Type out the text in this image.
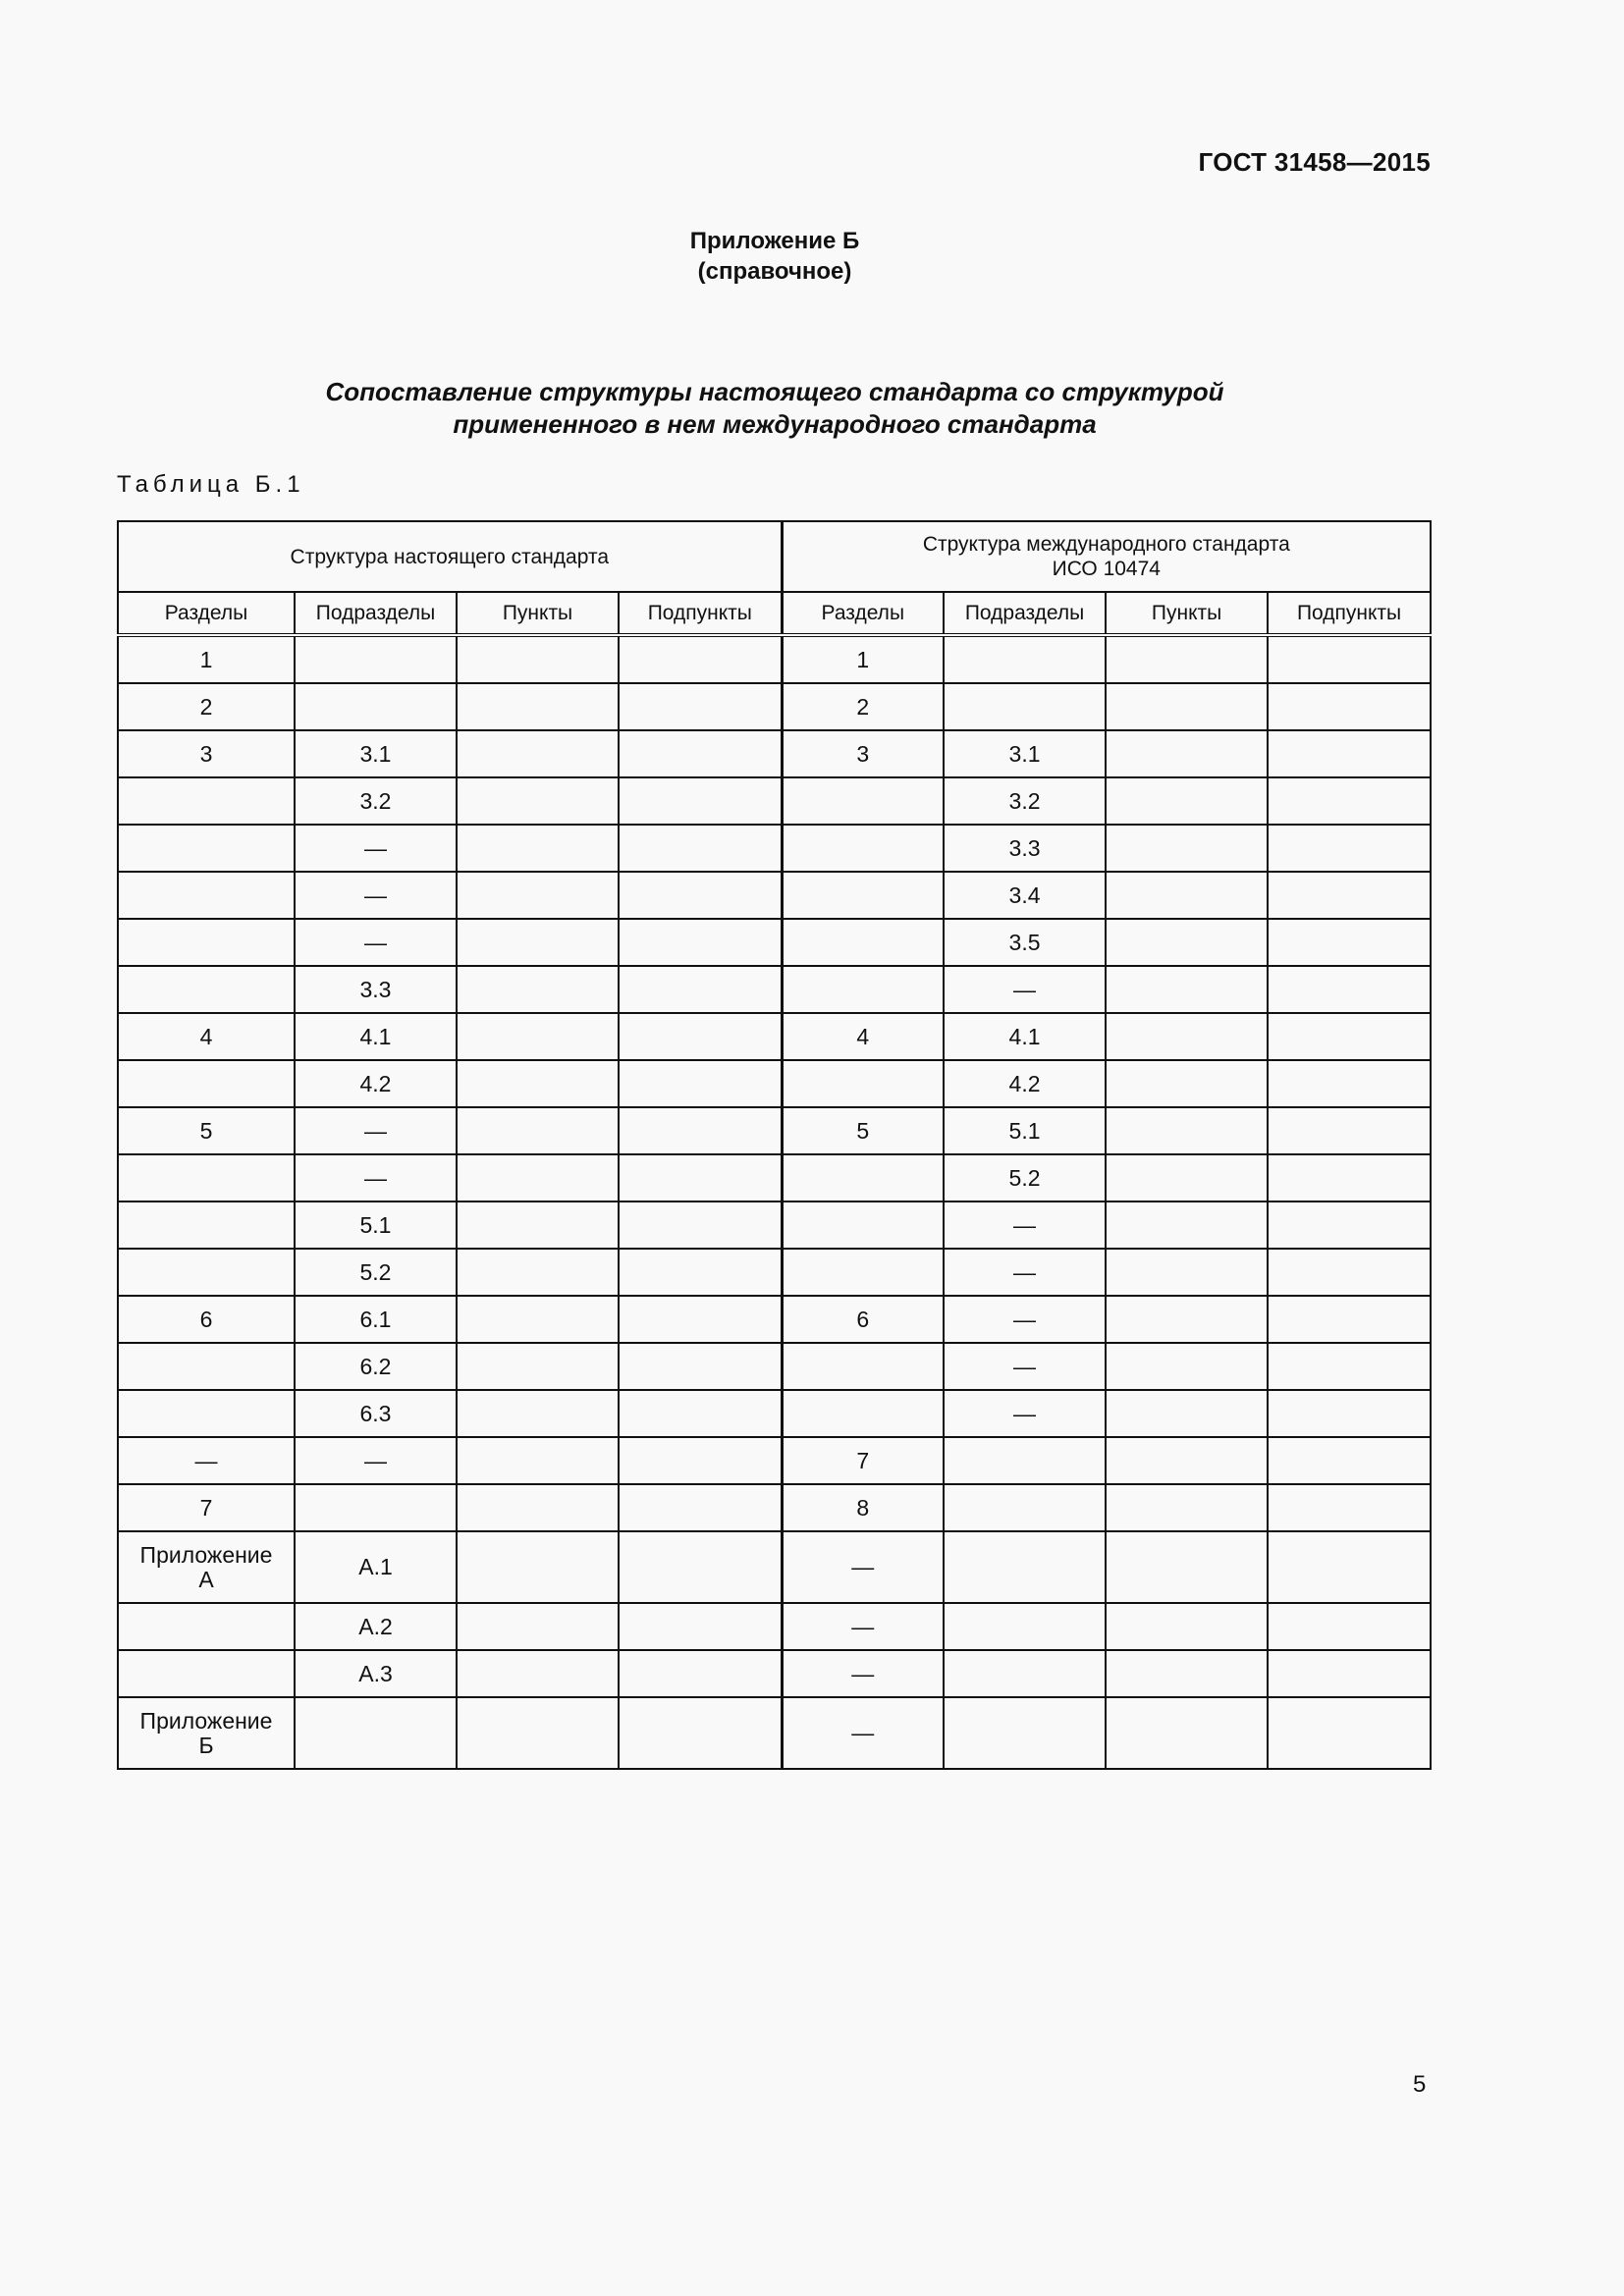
ГОСТ 31458—2015
Приложение Б
(справочное)
Сопоставление структуры настоящего стандарта со структурой
примененного в нем международного стандарта
Таблица Б.1
Структура настоящего стандарта				Структура международного стандарта
ИСО 10474			

Разделы	Подразделы	Пункты	Подпункты	Разделы	Подразделы	Пункты	Подпункты
1				1			
2				2			
3	3.1			3	3.1		
	3.2				3.2		
	—				3.3		
	—				3.4		
	—				3.5		
	3.3				—		
4	4.1			4	4.1		
	4.2				4.2		
5	—			5	5.1		
	—				5.2		
	5.1				—		
	5.2				—		
6	6.1			6	—		
	6.2				—		
	6.3				—		
—	—			7			
7				8			
Приложение
А	А.1			—			
	А.2			—			
	А.3			—			
Приложение
Б				—			
5
